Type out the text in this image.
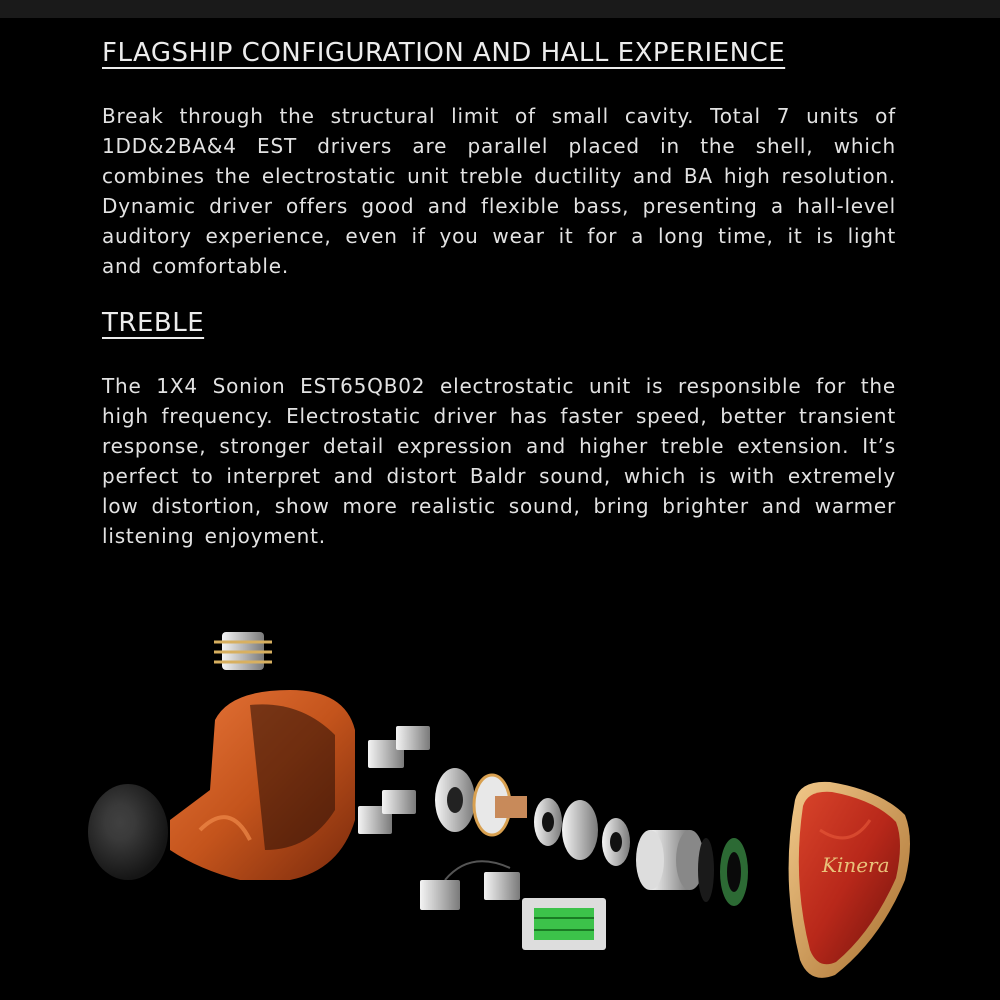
FLAGSHIP CONFIGURATION AND HALL EXPERIENCE

Break through the structural limit of small cavity. Total 7 units of 1DD&2BA&4 EST drivers are parallel placed in the shell, which combines the electrostatic unit treble ductility and BA high resolution. Dynamic driver offers good and flexible bass, presenting a hall-level auditory experience, even if you wear it for a long time, it is light and comfortable.

TREBLE

The 1X4 Sonion EST65QB02 electrostatic unit is responsible for the high frequency. Electrostatic driver has faster speed, better transient response, stronger detail expression and higher treble extension. It’s perfect to interpret and distort Baldr sound, which is with extremely low distortion, show more realistic sound, bring brighter and warmer listening enjoyment.

Kinera
